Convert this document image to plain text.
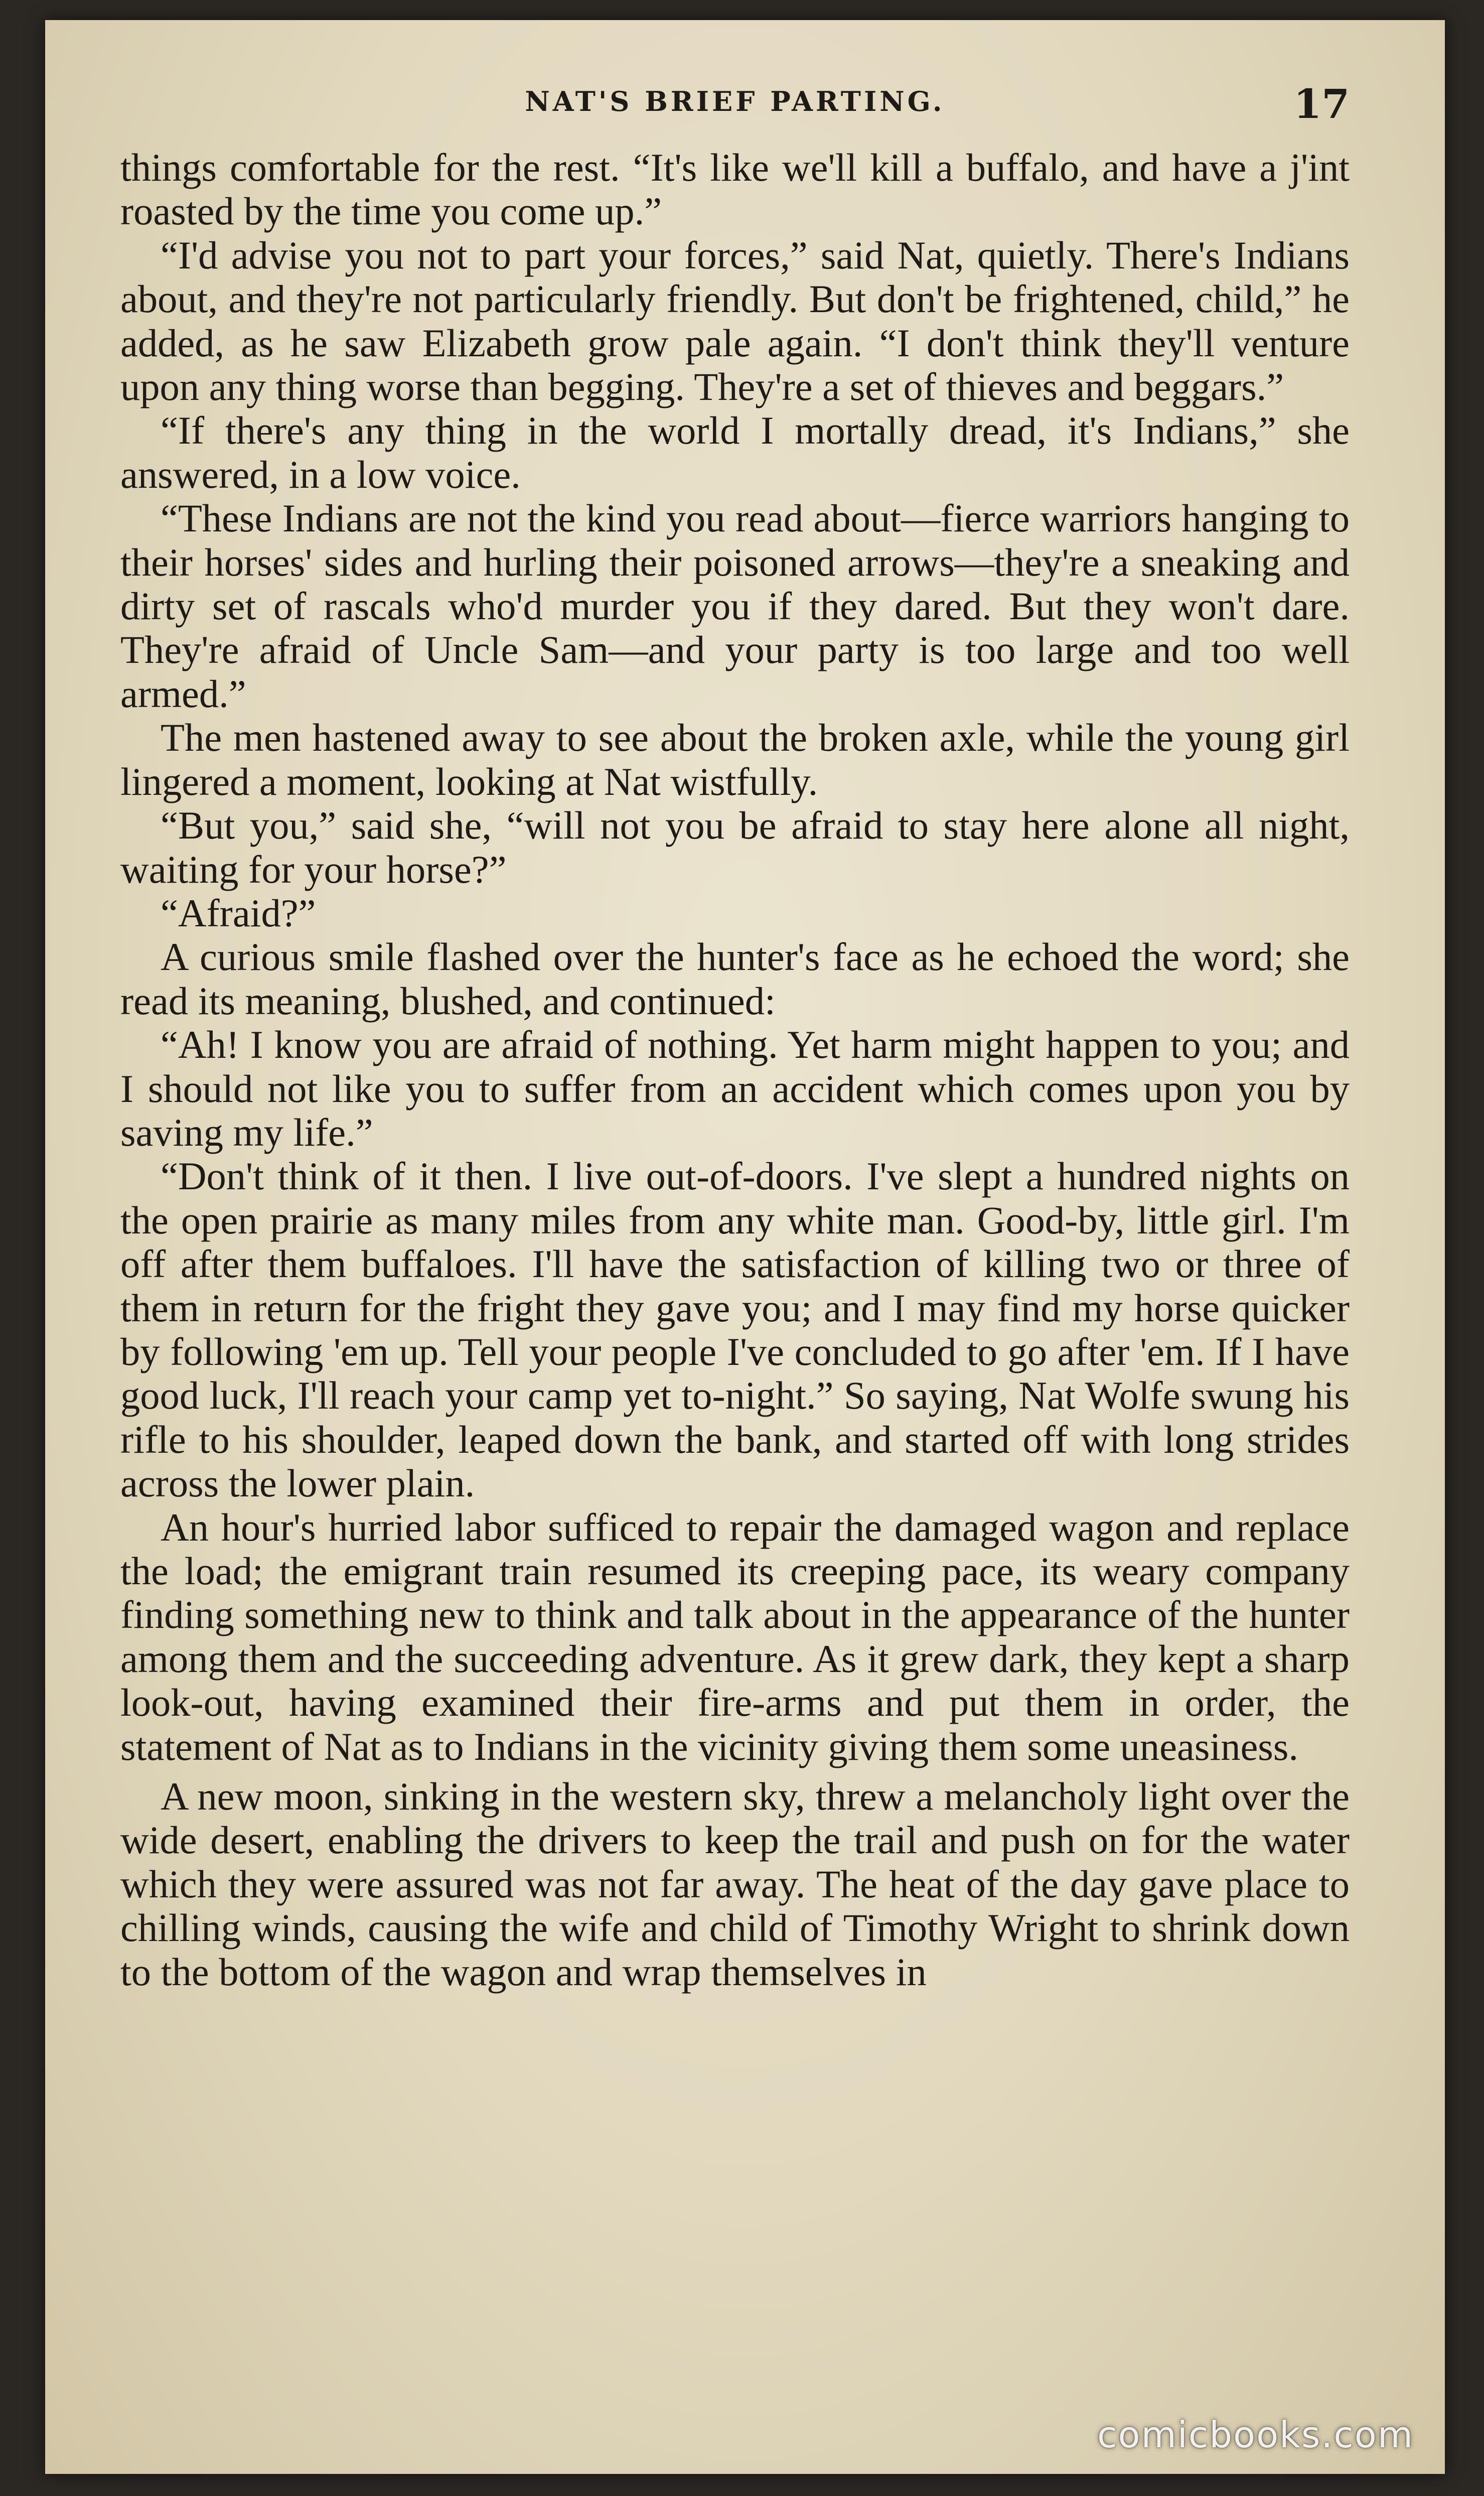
NAT'S BRIEF PARTING.	17

things comfortable for the rest. “It's like we'll kill a buffalo, and have a j'int roasted by the time you come up.”

“I'd advise you not to part your forces,” said Nat, quietly. There's Indians about, and they're not particularly friendly. But don't be frightened, child,” he added, as he saw Elizabeth grow pale again. “I don't think they'll venture upon any thing worse than begging. They're a set of thieves and beggars.”

“If there's any thing in the world I mortally dread, it's Indians,” she answered, in a low voice.

“These Indians are not the kind you read about—fierce warriors hanging to their horses' sides and hurling their poisoned arrows—they're a sneaking and dirty set of rascals who'd murder you if they dared. But they won't dare. They're afraid of Uncle Sam—and your party is too large and too well armed.”

The men hastened away to see about the broken axle, while the young girl lingered a moment, looking at Nat wistfully.

“But you,” said she, “will not you be afraid to stay here alone all night, waiting for your horse?”

“Afraid?”

A curious smile flashed over the hunter's face as he echoed the word; she read its meaning, blushed, and continued:

“Ah! I know you are afraid of nothing. Yet harm might happen to you; and I should not like you to suffer from an accident which comes upon you by saving my life.”

“Don't think of it then. I live out-of-doors. I've slept a hundred nights on the open prairie as many miles from any white man. Good-by, little girl. I'm off after them buffaloes. I'll have the satisfaction of killing two or three of them in return for the fright they gave you; and I may find my horse quicker by following 'em up. Tell your people I've concluded to go after 'em. If I have good luck, I'll reach your camp yet to-night.” So saying, Nat Wolfe swung his rifle to his shoulder, leaped down the bank, and started off with long strides across the lower plain.

An hour's hurried labor sufficed to repair the damaged wagon and replace the load; the emigrant train resumed its creeping pace, its weary company finding something new to think and talk about in the appearance of the hunter among them and the succeeding adventure. As it grew dark, they kept a sharp look-out, having examined their fire-arms and put them in order, the statement of Nat as to Indians in the vicinity giving them some uneasiness.

A new moon, sinking in the western sky, threw a melancholy light over the wide desert, enabling the drivers to keep the trail and push on for the water which they were assured was not far away. The heat of the day gave place to chilling winds, causing the wife and child of Timothy Wright to shrink down to the bottom of the wagon and wrap themselves in

comicbooks.com
